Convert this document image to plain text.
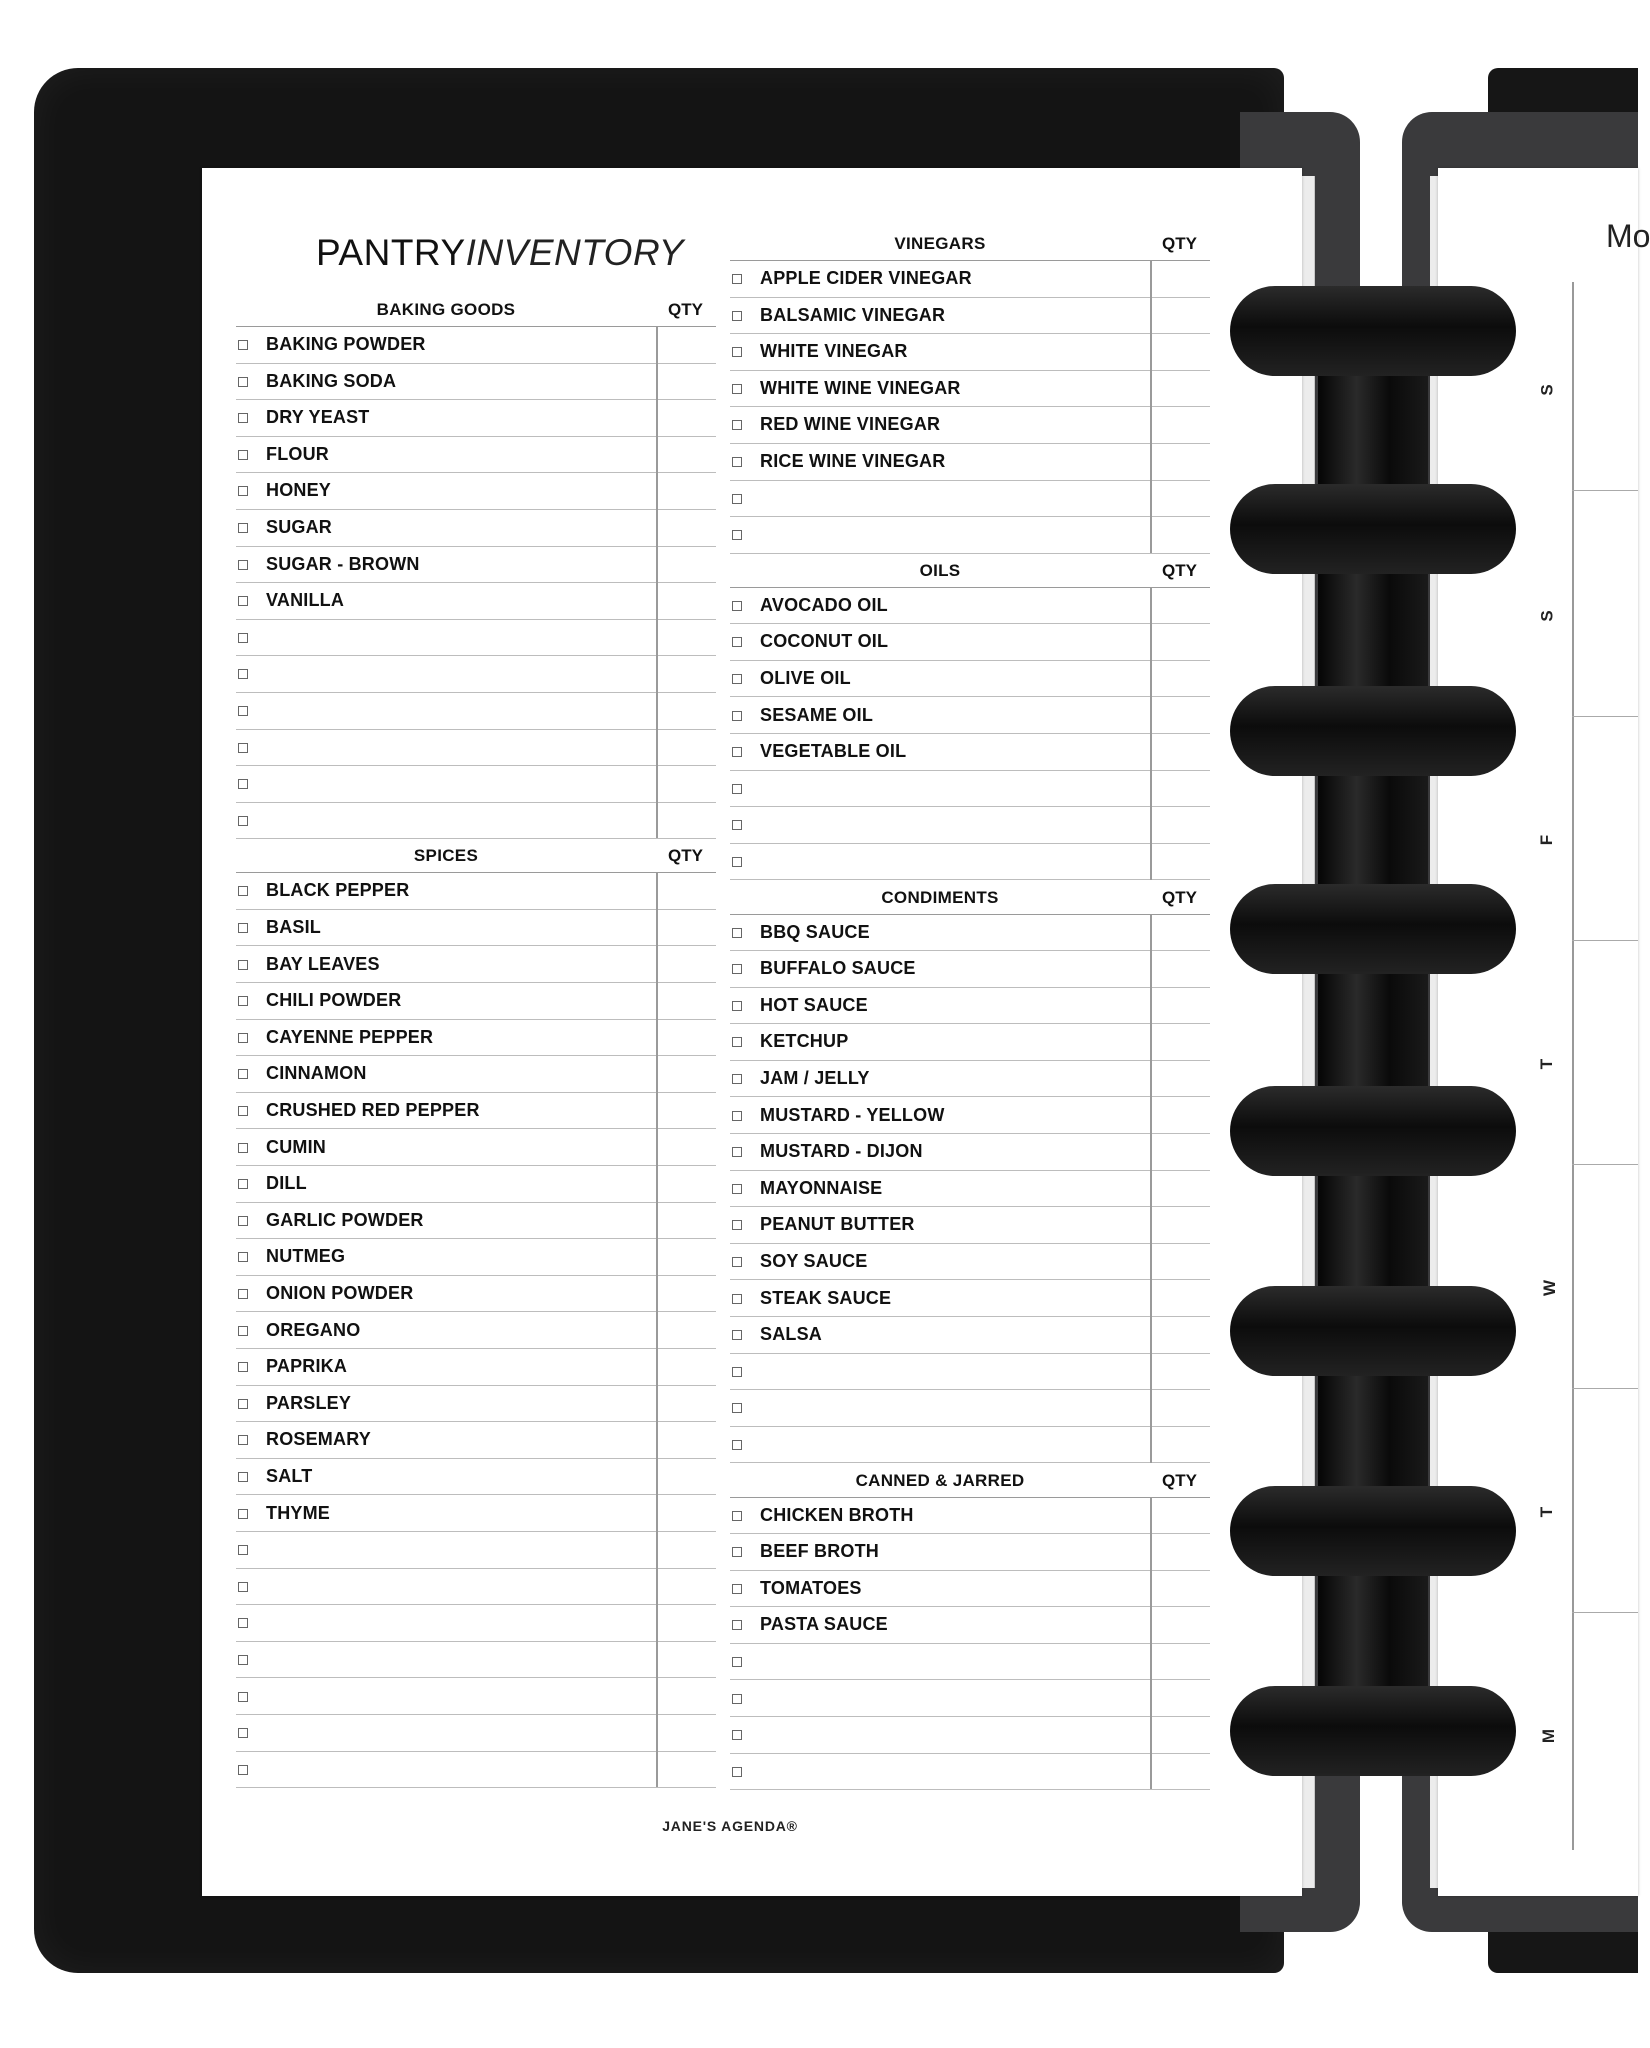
PANTRYINVENTORY
BAKING GOODS	QTY
BAKING POWDER
BAKING SODA
DRY YEAST
FLOUR
HONEY
SUGAR
SUGAR - BROWN
VANILLA
SPICES	QTY
BLACK PEPPER
BASIL
BAY LEAVES
CHILI POWDER
CAYENNE PEPPER
CINNAMON
CRUSHED RED PEPPER
CUMIN
DILL
GARLIC POWDER
NUTMEG
ONION POWDER
OREGANO
PAPRIKA
PARSLEY
ROSEMARY
SALT
THYME
VINEGARS	QTY
APPLE CIDER VINEGAR
BALSAMIC VINEGAR
WHITE VINEGAR
WHITE WINE VINEGAR
RED WINE VINEGAR
RICE WINE VINEGAR
OILS	QTY
AVOCADO OIL
COCONUT OIL
OLIVE OIL
SESAME OIL
VEGETABLE OIL
CONDIMENTS	QTY
BBQ SAUCE
BUFFALO SAUCE
HOT SAUCE
KETCHUP
JAM / JELLY
MUSTARD - YELLOW
MUSTARD - DIJON
MAYONNAISE
PEANUT BUTTER
SOY SAUCE
STEAK SAUCE
SALSA
CANNED & JARRED	QTY
CHICKEN BROTH
BEEF BROTH
TOMATOES
PASTA SAUCE
JANE'S AGENDA®
Mo
S
S
F
T
W
T
M
